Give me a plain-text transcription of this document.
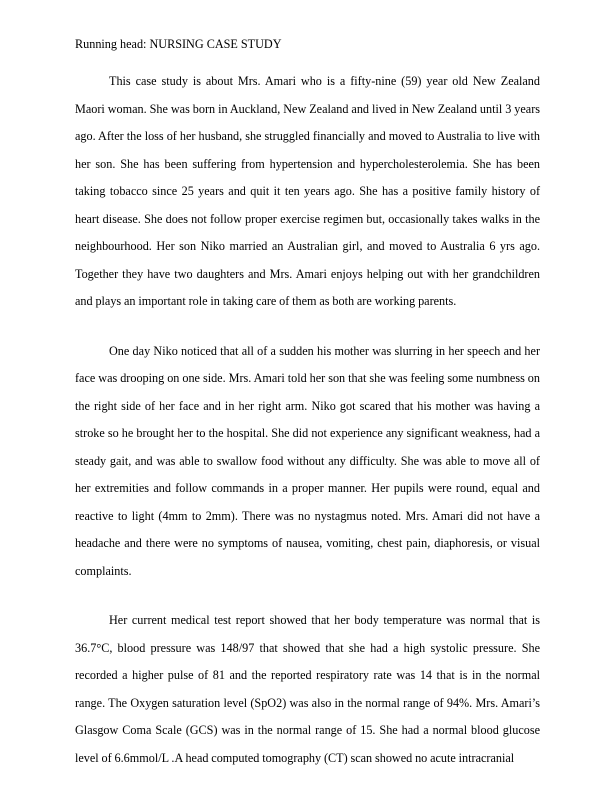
Running head: NURSING CASE STUDY

This case study is about Mrs. Amari who is a fifty-nine (59) year old New Zealand Maori woman. She was born in Auckland, New Zealand and lived in New Zealand until 3 years ago. After the loss of her husband, she struggled financially and moved to Australia to live with her son. She has been suffering from hypertension and hypercholesterolemia. She has been taking tobacco since 25 years and quit it ten years ago. She has a positive family history of heart disease. She does not follow proper exercise regimen but, occasionally takes walks in the neighbourhood. Her son Niko married an Australian girl, and moved to Australia 6 yrs ago. Together they have two daughters and Mrs. Amari enjoys helping out with her grandchildren and plays an important role in taking care of them as both are working parents.

One day Niko noticed that all of a sudden his mother was slurring in her speech and her face was drooping on one side. Mrs. Amari told her son that she was feeling some numbness on the right side of her face and in her right arm. Niko got scared that his mother was having a stroke so he brought her to the hospital. She did not experience any significant weakness, had a steady gait, and was able to swallow food without any difficulty. She was able to move all of her extremities and follow commands in a proper manner. Her pupils were round, equal and reactive to light (4mm to 2mm). There was no nystagmus noted. Mrs. Amari did not have a headache and there were no symptoms of nausea, vomiting, chest pain, diaphoresis, or visual complaints.

Her current medical test report showed that her body temperature was normal that is 36.7°C, blood pressure was 148/97 that showed that she had a high systolic pressure. She recorded a higher pulse of 81 and the reported respiratory rate was 14 that is in the normal range. The Oxygen saturation level (SpO2) was also in the normal range of 94%. Mrs. Amari’s Glasgow Coma Scale (GCS) was in the normal range of 15. She had a normal blood glucose level of 6.6mmol/L .A head computed tomography (CT) scan showed no acute intracranial
